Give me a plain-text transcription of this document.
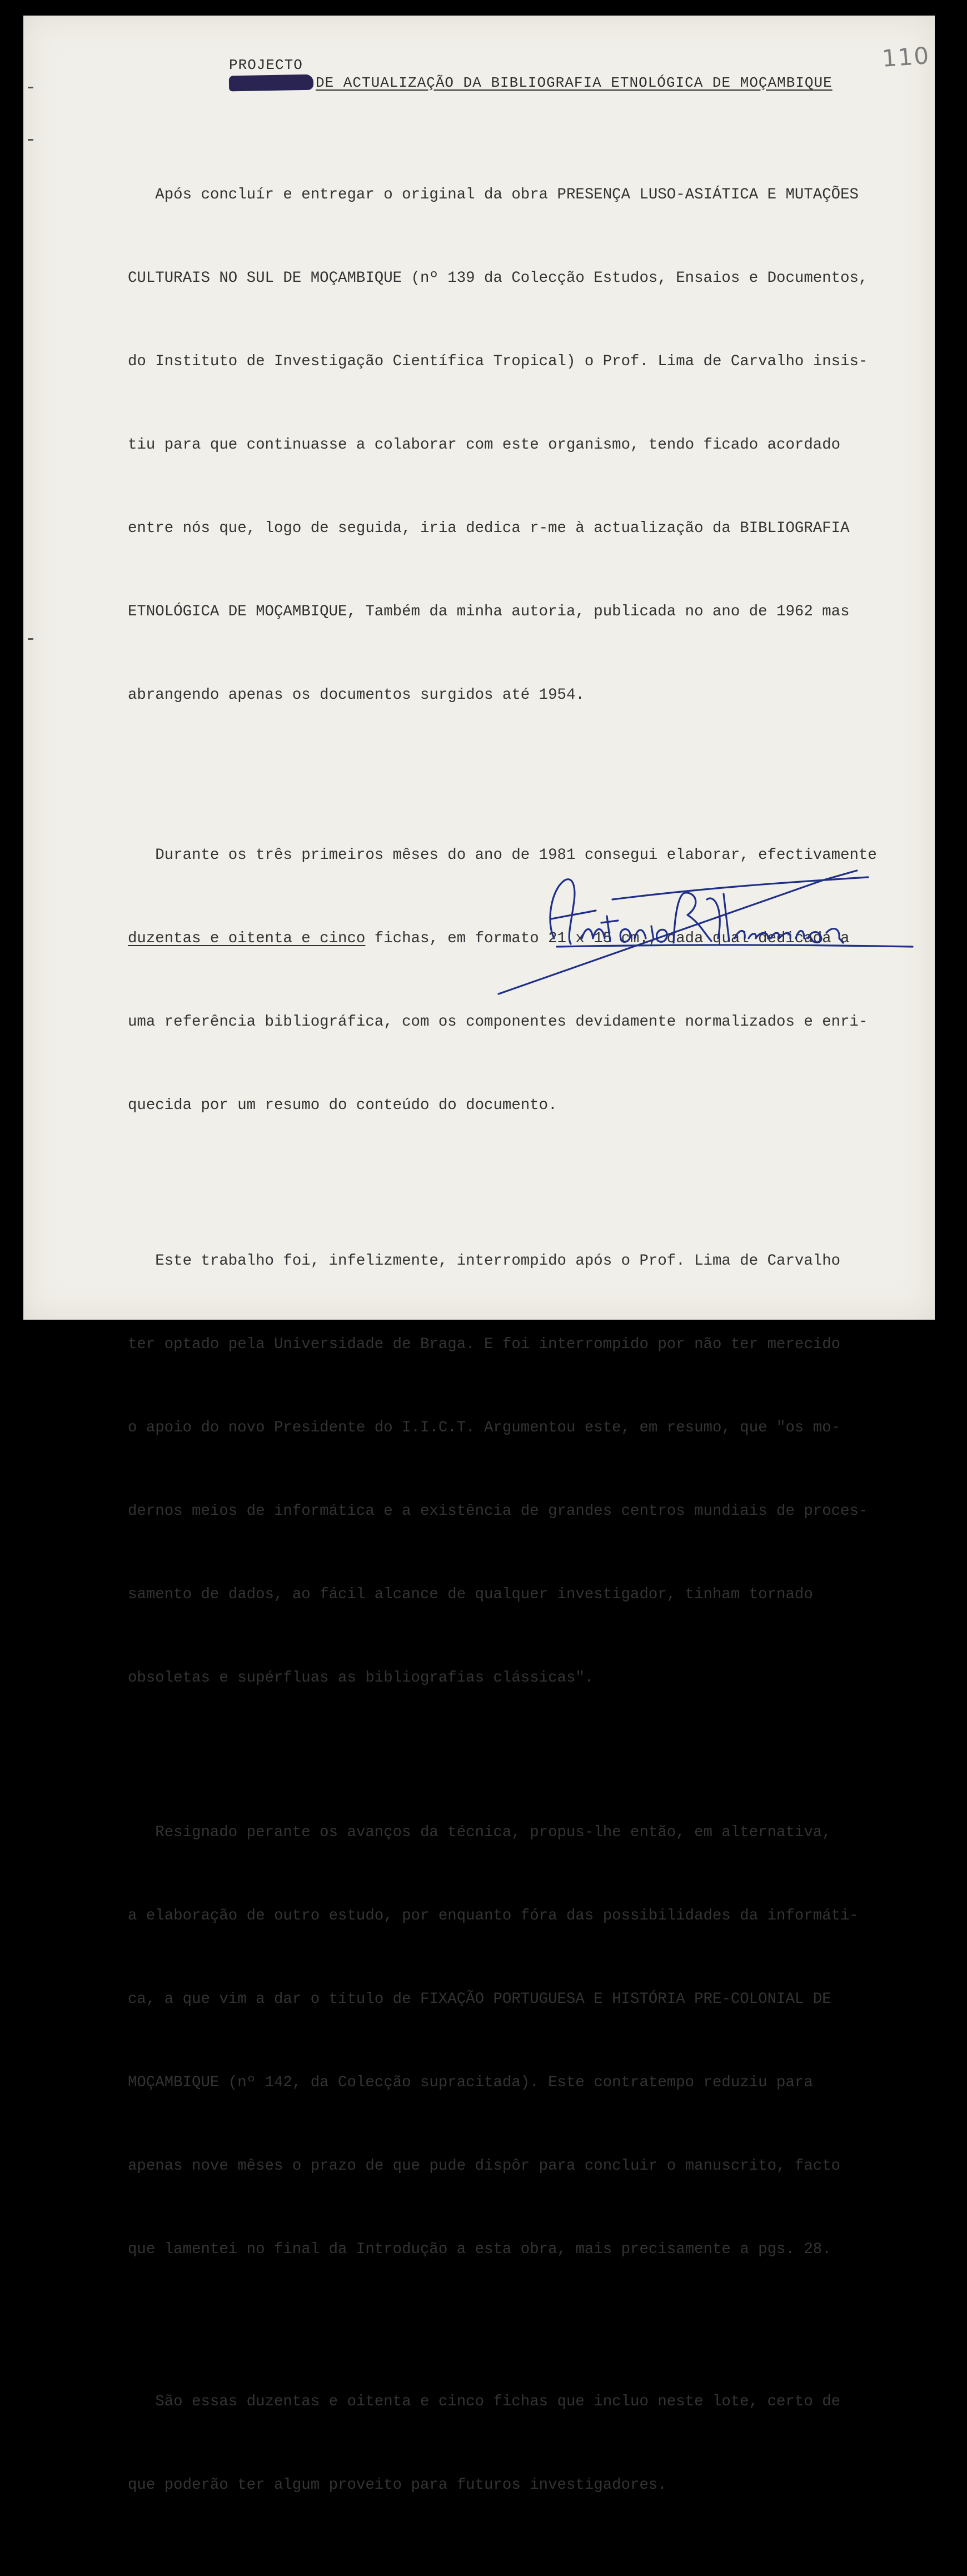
110
PROJECTO
DE ACTUALIZAÇÃO DA BIBLIOGRAFIA ETNOLÓGICA DE MOÇAMBIQUE

Após concluír e entregar o original da obra PRESENÇA LUSO-ASIÁTICA E MUTAÇÕES

CULTURAIS NO SUL DE MOÇAMBIQUE (nº 139 da Colecção Estudos, Ensaios e Documentos,

do Instituto de Investigação Científica Tropical) o Prof. Lima de Carvalho insis-

tiu para que continuasse a colaborar com este organismo, tendo ficado acordado

entre nós que, logo de seguida, iria dedica r-me à actualização da BIBLIOGRAFIA

ETNOLÓGICA DE MOÇAMBIQUE, Também da minha autoria, publicada no ano de 1962 mas

abrangendo apenas os documentos surgidos até 1954.

Durante os três primeiros mêses do ano de 1981 consegui elaborar, efectivamente

duzentas e oitenta e cinco fichas, em formato 21 x 15 cm., cada qual dedicada a

uma referência bibliográfica, com os componentes devidamente normalizados e enri-

quecida por um resumo do conteúdo do documento.

Este trabalho foi, infelizmente, interrompido após o Prof. Lima de Carvalho

ter optado pela Universidade de Braga. E foi interrompido por não ter merecido

o apoio do novo Presidente do I.I.C.T. Argumentou este, em resumo, que "os mo-

dernos meios de informática e a existência de grandes centros mundiais de proces-

samento de dados, ao fácil alcance de qualquer investigador, tinham tornado

obsoletas e supérfluas as bibliografias clássicas".

Resignado perante os avanços da técnica, propus-lhe então, em alternativa,

a elaboração de outro estudo, por enquanto fóra das possibilidades da informáti-

ca, a que vim a dar o título de FIXAÇÃO PORTUGUESA E HISTÓRIA PRE-COLONIAL DE

MOÇAMBIQUE (nº 142, da Colecção supracitada). Este contratempo reduziu para

apenas nove mêses o prazo de que pude dispôr para concluir o manuscrito, facto

que lamentei no final da Introdução a esta obra, mais precisamente a pgs. 28.

São essas duzentas e oitenta e cinco fichas que incluo neste lote, certo de

que poderão ter algum proveito para futuros investigadores.
